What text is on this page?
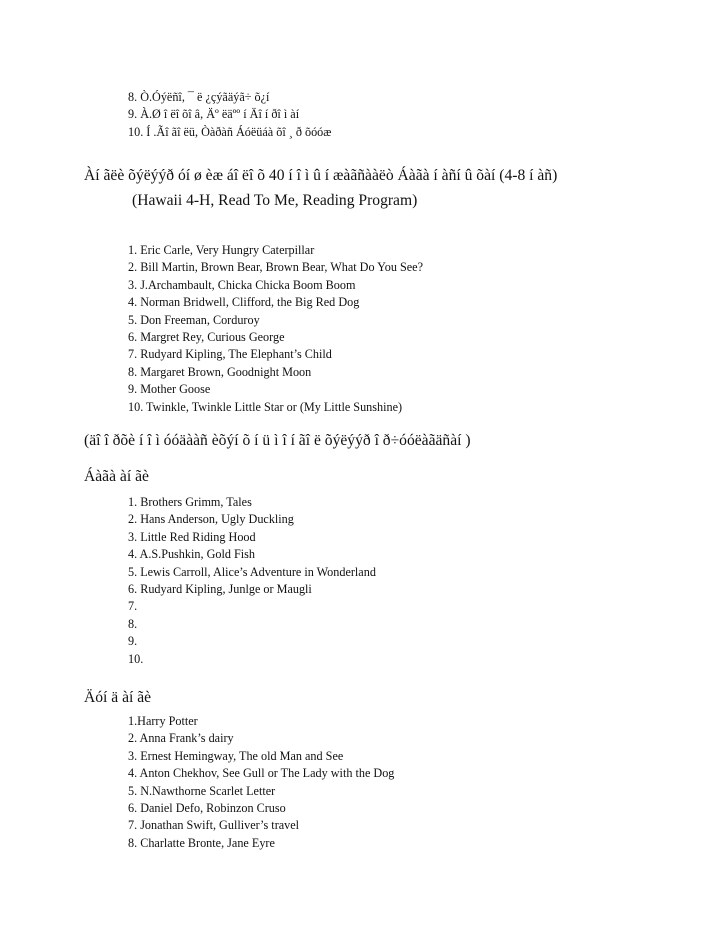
8. Ò.Óýëñî, ¯ ë ¿çýãäýã÷ õ¿í
9. À.Ø î ëî õî â, Äº ëäºº í Äî í ðî ì àí
10. Í .Ãî ãî ëü, Òàðàñ Áóëüáà õî ¸ ð õóóæ
Àí ãëè õýëýýð óí ø èæ áî ëî õ 40 í î ì û í æàãñààëò Áàãà í àñí û õàí (4-8 í àñ)
(Hawaii 4-H, Read To Me, Reading Program)
1. Eric Carle, Very Hungry Caterpillar
2. Bill Martin, Brown Bear, Brown Bear, What Do You See?
3. J.Archambault, Chicka Chicka Boom Boom
4. Norman Bridwell, Clifford, the Big Red Dog
5. Don Freeman, Corduroy
6. Margret Rey, Curious George
7. Rudyard Kipling, The Elephant’s Child
8. Margaret Brown, Goodnight Moon
9. Mother Goose
10. Twinkle, Twinkle Little Star or (My Little Sunshine)
(äî î ðõè í î ì óóäààñ èõýí õ í ü ì î í ãî ë õýëýýð î ð÷óóëàãäñàí )
Áàãà àí ãè
1. Brothers Grimm, Tales
2. Hans Anderson, Ugly Duckling
3. Little Red Riding Hood
4. A.S.Pushkin, Gold Fish
5. Lewis Carroll, Alice’s Adventure in Wonderland
6. Rudyard Kipling, Junlge or Maugli
7.
8.
9.
10.
Äóí ä àí ãè
1.Harry Potter
2. Anna Frank’s dairy
3. Ernest Hemingway, The old Man and See
4. Anton Chekhov, See Gull or The Lady with the Dog
5. N.Nawthorne Scarlet Letter
6. Daniel Defo, Robinzon Cruso
7. Jonathan Swift, Gulliver’s travel
8. Charlatte Bronte, Jane Eyre
